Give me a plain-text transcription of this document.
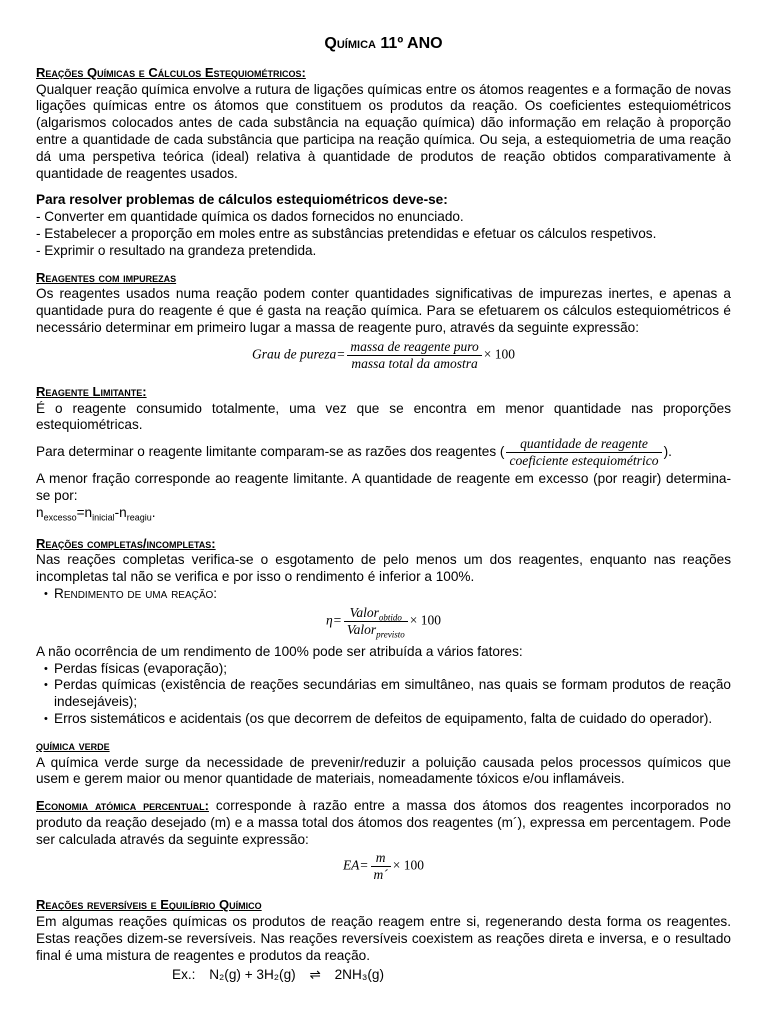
Química 11º ANO
Reações Químicas e Cálculos Estequiométricos:

Qualquer reação química envolve a rutura de ligações químicas entre os átomos reagentes e a formação de novas ligações químicas entre os átomos que constituem os produtos da reação. Os coeficientes estequiométricos (algarismos colocados antes de cada substância na equação química) dão informação em relação à proporção entre a quantidade de cada substância que participa na reação química. Ou seja, a estequiometria de uma reação dá uma perspetiva teórica (ideal) relativa à quantidade de produtos de reação obtidos comparativamente à quantidade de reagentes usados.

Para resolver problemas de cálculos estequiométricos deve-se:
- Converter em quantidade química os dados fornecidos no enunciado.
- Estabelecer a proporção em moles entre as substâncias pretendidas e efetuar os cálculos respetivos.
- Exprimir o resultado na grandeza pretendida.
Reagentes com impurezas

Os reagentes usados numa reação podem conter quantidades significativas de impurezas inertes, e apenas a quantidade pura do reagente é que é gasta na reação química. Para se efetuarem os cálculos estequiométricos é necessário determinar em primeiro lugar a massa de reagente puro, através da seguinte expressão:

Grau de pureza= $\frac{\text{massa de reagente puro}}{\text{massa total da amostra}} \times 100$
Reagente Limitante:

É o reagente consumido totalmente, uma vez que se encontra em menor quantidade nas proporções estequiométricas.

Para determinar o reagente limitante comparam-se as razões dos reagentes ( $\frac{\text{quantidade de reagente}}{\text{coeficiente estequiométrico}}$ ).

A menor fração corresponde ao reagente limitante. A quantidade de reagente em excesso (por reagir) determina-se por:

$n_{excesso}=n_{inicial}-n_{reagiu}$.
Reações completas/incompletas:

Nas reações completas verifica-se o esgotamento de pelo menos um dos reagentes, enquanto nas reações incompletas tal não se verifica e por isso o rendimento é inferior a 100%.

• Rendimento de uma reação:
$\eta= \frac{Valor_{obtido}}{Valor_{previsto}} \times 100$

A não ocorrência de um rendimento de 100% pode ser atribuída a vários fatores:

• Perdas físicas (evaporação);
• Perdas químicas (existência de reações secundárias em simultâneo, nas quais se formam produtos de reação indesejáveis);
• Erros sistemáticos e acidentais (os que decorrem de defeitos de equipamento, falta de cuidado do operador).
química verde

A química verde surge da necessidade de prevenir/reduzir a poluição causada pelos processos químicos que usem e gerem maior ou menor quantidade de materiais, nomeadamente tóxicos e/ou inflamáveis.

Economia atómica percentual: corresponde à razão entre a massa dos átomos dos reagentes incorporados no produto da reação desejado (m) e a massa total dos átomos dos reagentes (m´), expressa em percentagem. Pode ser calculada através da seguinte expressão:

$EA= \frac{m}{m´} \times 100$
Reações reversíveis e Equilíbrio Químico

Em algumas reações químicas os produtos de reação reagem entre si, regenerando desta forma os reagentes. Estas reações dizem-se reversíveis. Nas reações reversíveis coexistem as reações direta e inversa, e o resultado final é uma mistura de reagentes e produtos da reação.

Ex.: N₂(g) + 3H₂(g) ⇌ 2NH₃(g)
